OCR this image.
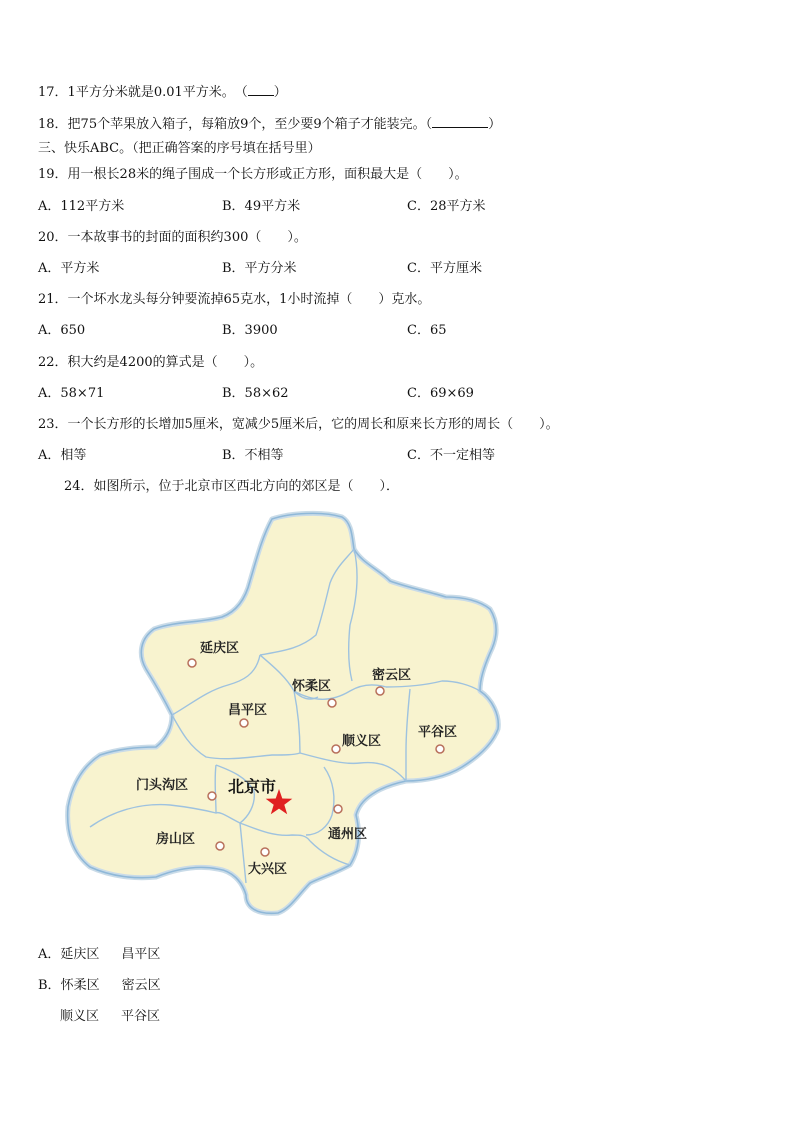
17．1平方分米就是0.01平方米。　（ ）
18．把75个苹果放入箱子，每箱放9个，至少要9个箱子才能装完。（	）
三、快乐ABC。（把正确答案的序号填在括号里）
19．用一根长28米的绳子围成一个长方形或正方形，面积最大是（　　）。
A．112平方米	B．49平方米	C．28平方米
20．一本故事书的封面的面积约300（　　）。
A．平方米	B．平方分米	C．平方厘米
21．一个坏水龙头每分钟要流掉65克水，1小时流掉（　　）克水。
A．650	B．3900	C．65
22．积大约是4200的算式是（　　）。
A．58×71	B．58×62	C．69×69
23．一个长方形的长增加5厘米，宽减少5厘米后，它的周长和原来长方形的周长（　　）。
A．相等	B．不相等	C．不一定相等
24．如图所示，位于北京市区西北方向的郊区是（　　）．
延庆区
怀柔区
密云区
昌平区
平谷区
顺义区
门头沟区 北京市
房山区	通州区
大兴区
A．延庆区 昌平区
B．怀柔区 密云区
顺义区 平谷区
